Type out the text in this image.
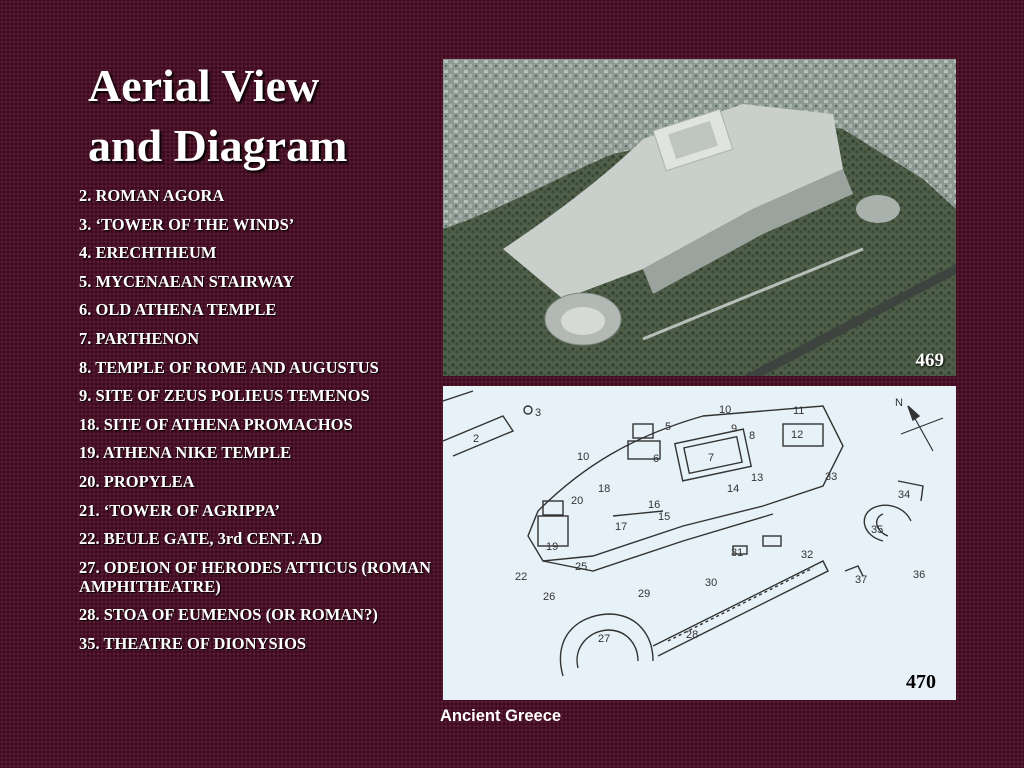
Aerial View
and Diagram
2. ROMAN AGORA
3. ‘TOWER OF THE WINDS’
4. ERECHTHEUM
5. MYCENAEAN STAIRWAY
6. OLD ATHENA TEMPLE
7. PARTHENON
8. TEMPLE OF ROME AND AUGUSTUS
9. SITE OF ZEUS POLIEUS TEMENOS
18. SITE OF ATHENA PROMACHOS
19. ATHENA NIKE TEMPLE
20. PROPYLEA
21. ‘TOWER OF AGRIPPA’
22. BEULE GATE, 3rd CENT. AD
27. ODEION OF HERODES ATTICUS (ROMAN AMPHITHEATRE)
28. STOA OF EUMENOS (OR ROMAN?)
35. THEATRE OF DIONYSIOS
469
2
3
5
6	7
8
9
10
10
11
12
13
14
15
16
17
18
19
20
22
25
26
27	28
29
30
31	32
33
34
35
36
37
N
470
Ancient Greece
